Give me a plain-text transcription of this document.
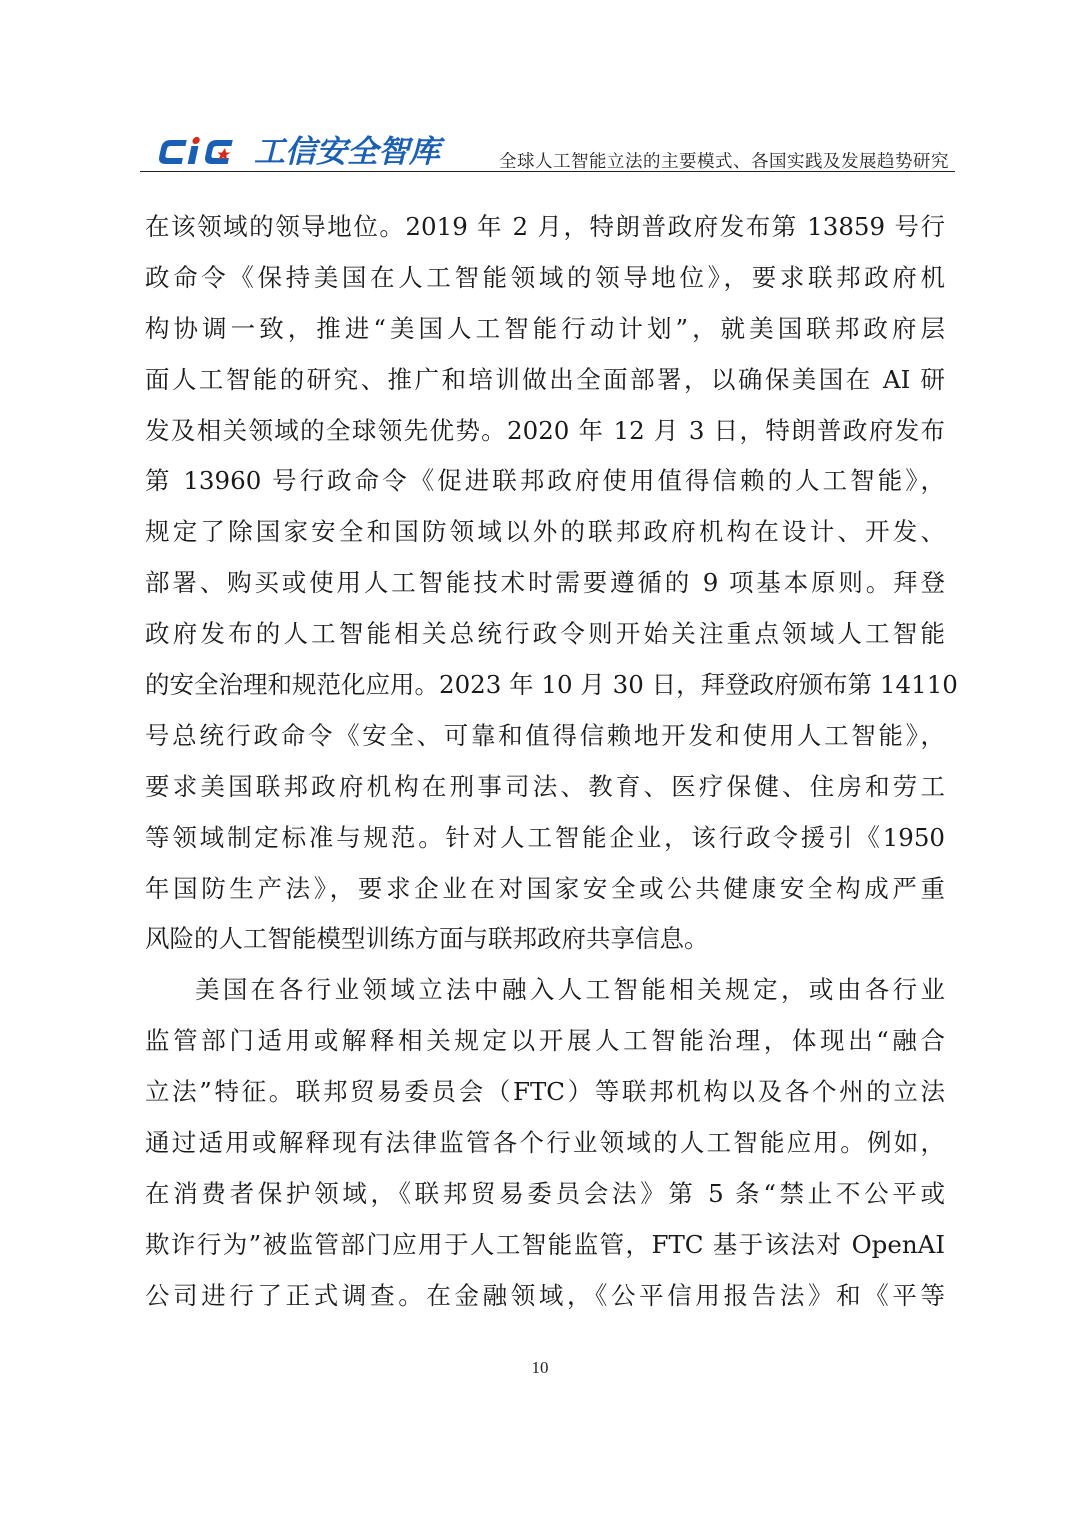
工信安全智库	全球人工智能立法的主要模式、各国实践及发展趋势研究
在该领域的领导地位。2019 年 2 月，特朗普政府发布第 13859 号行
政命令《保持美国在人工智能领域的领导地位》，要求联邦政府机
构协调一致，推进“美国人工智能行动计划”，就美国联邦政府层
面人工智能的研究、推广和培训做出全面部署，以确保美国在 AI 研
发及相关领域的全球领先优势。2020 年 12 月 3 日，特朗普政府发布
第 13960 号行政命令《促进联邦政府使用值得信赖的人工智能》，
规定了除国家安全和国防领域以外的联邦政府机构在设计、开发、
部署、购买或使用人工智能技术时需要遵循的 9 项基本原则。拜登
政府发布的人工智能相关总统行政令则开始关注重点领域人工智能
的安全治理和规范化应用。2023 年 10 月 30 日，拜登政府颁布第 14110
号总统行政命令《安全、可靠和值得信赖地开发和使用人工智能》，
要求美国联邦政府机构在刑事司法、教育、医疗保健、住房和劳工
等领域制定标准与规范。针对人工智能企业，该行政令援引《1950
年国防生产法》，要求企业在对国家安全或公共健康安全构成严重
风险的人工智能模型训练方面与联邦政府共享信息。
美国在各行业领域立法中融入人工智能相关规定，或由各行业
监管部门适用或解释相关规定以开展人工智能治理，体现出“融合
立法”特征。联邦贸易委员会（FTC）等联邦机构以及各个州的立法
通过适用或解释现有法律监管各个行业领域的人工智能应用。例如，
在消费者保护领域，《联邦贸易委员会法》第 5 条“禁止不公平或
欺诈行为”被监管部门应用于人工智能监管，FTC 基于该法对 OpenAI
公司进行了正式调查。在金融领域，《公平信用报告法》和《平等
10
